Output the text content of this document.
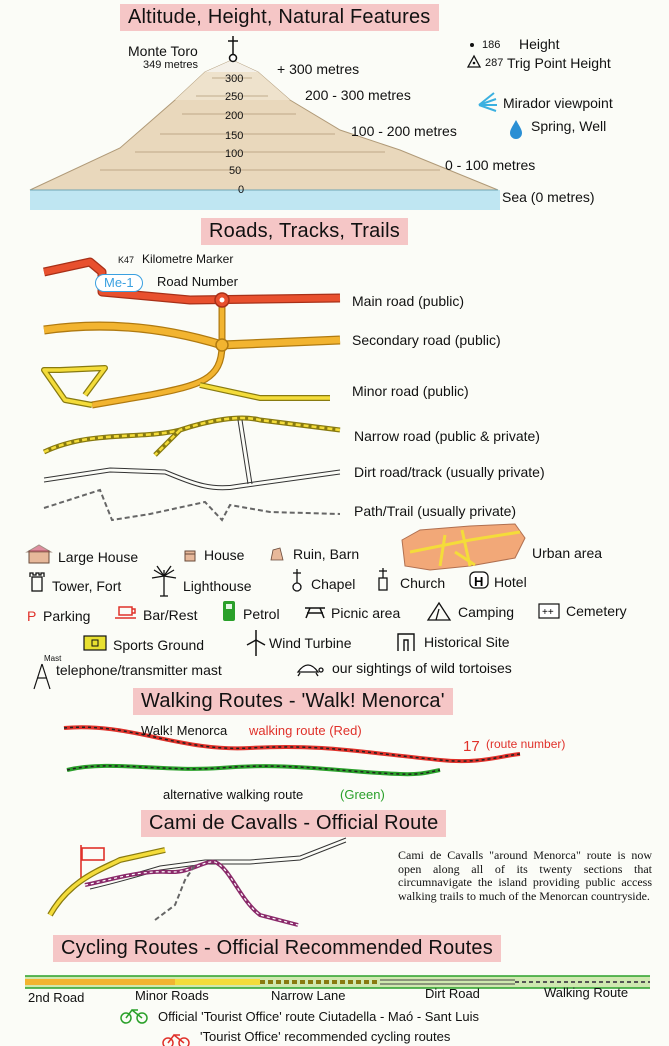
Altitude, Height, Natural Features
Roads, Tracks, Trails
Walking Routes - 'Walk! Menorca'
Cami de Cavalls - Official Route
Cycling Routes - Official Recommended Routes
Monte Toro
349 metres
300
250
200
150
100
50
0
+ 300 metres
200 - 300 metres
100 - 200 metres
0 - 100 metres
Sea (0 metres)
186 Height
287 Trig Point Height
Mirador viewpoint
Spring, Well
K47 Kilometre Marker
Me-1	Road Number
Main road (public)
Secondary road (public)
Minor road (public)
Narrow road (public & private)
Dirt road/track (usually private)
Path/Trail (usually private)
H
++
Large House	House	Ruin, Barn	Urban area
Tower, Fort	Lighthouse	Chapel	Church	Hotel
P Parking	Bar/Rest	Petrol	Picnic area	Camping	Cemetery
Sports Ground	Wind Turbine	Historical Site
Mast
telephone/transmitter mast	our sightings of wild tortoises
Walk! Menorca walking route (Red)
17 (route number)
alternative walking route	(Green)
Cami de Cavalls "around Menorca" route is now open along all of its twenty sections that circumnavigate the island providing public access walking trails to much of the Menorcan countryside.
2nd Road	Minor Roads	Narrow Lane	Dirt Road	Walking Route
Official 'Tourist Office' route Ciutadella - Maó - Sant Luis
'Tourist Office' recommended cycling routes
